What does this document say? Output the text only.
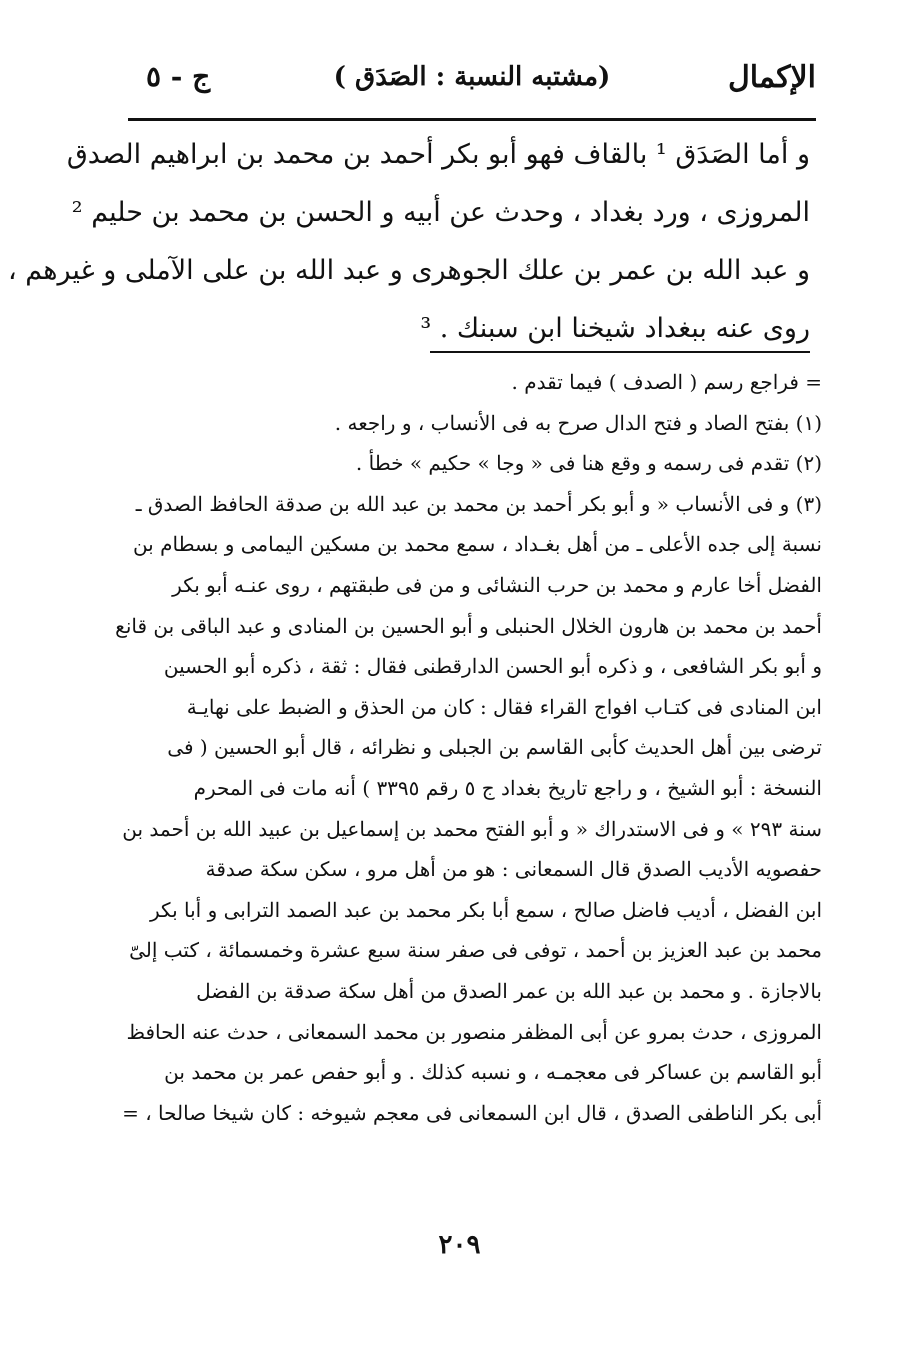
الإكمال
(مشتبه النسبة : الصَدَق )
ج - ٥
و أما الصَدَق ¹ بالقاف فهو أبو بكر أحمد بن محمد بن ابراهيم الصدق
المروزى ، ورد بغداد ، وحدث عن أبيه و الحسن بن محمد بن حليم ²
و عبد الله بن عمر بن علك الجوهرى و عبد الله بن على الآملى و غيرهم ،
روى عنه ببغداد شيخنا ابن سبنك . ³
= فراجع رسم ( الصدف ) فيما تقدم .
(١) بفتح الصاد و فتح الدال صرح به فى الأنساب ، و راجعه .
(٢) تقدم فى رسمه و وقع هنا فى « وجا » حكيم » خطأ .
(٣) و فى الأنساب « و أبو بكر أحمد بن محمد بن عبد الله بن صدقة الحافظ الصدق ـ
نسبة إلى جده الأعلى ـ من أهل بغـداد ، سمع محمد بن مسكين اليمامى و بسطام بن
الفضل أخا عارم و محمد بن حرب النشائى و من فى طبقتهم ، روى عنـه أبو بكر
أحمد بن محمد بن هارون الخلال الحنبلى و أبو الحسين بن المنادى و عبد الباقى بن قانع
و أبو بكر الشافعى ، و ذكره أبو الحسن الدارقطنى فقال : ثقة ، ذكره أبو الحسين
ابن المنادى فى كتـاب افواج القراء فقال : كان من الحذق و الضبط على نهايـة
ترضى بين أهل الحديث كأبى القاسم بن الجبلى و نظرائه ، قال أبو الحسين ( فى
النسخة : أبو الشيخ ، و راجع تاريخ بغداد ج ٥ رقم ٣٣٩٥ ) أنه مات فى المحرم
سنة ٢٩٣ » و فى الاستدراك « و أبو الفتح محمد بن إسماعيل بن عبيد الله بن أحمد بن
حفصويه الأديب الصدق قال السمعانى : هو من أهل مرو ، سكن سكة صدقة
ابن الفضل ، أديب فاضل صالح ، سمع أبا بكر محمد بن عبد الصمد الترابى و أبا بكر
محمد بن عبد العزيز بن أحمد ، توفى فى صفر سنة سبع عشرة وخمسمائة ، كتب إلىّ
بالاجازة . و محمد بن عبد الله بن عمر الصدق من أهل سكة صدقة بن الفضل
المروزى ، حدث بمرو عن أبى المظفر منصور بن محمد السمعانى ، حدث عنه الحافظ
أبو القاسم بن عساكر فى معجمـه ، و نسبه كذلك . و أبو حفص عمر بن محمد بن
أبى بكر الناطفى الصدق ، قال ابن السمعانى فى معجم شيوخه : كان شيخا صالحا ، =
٢٠٩
